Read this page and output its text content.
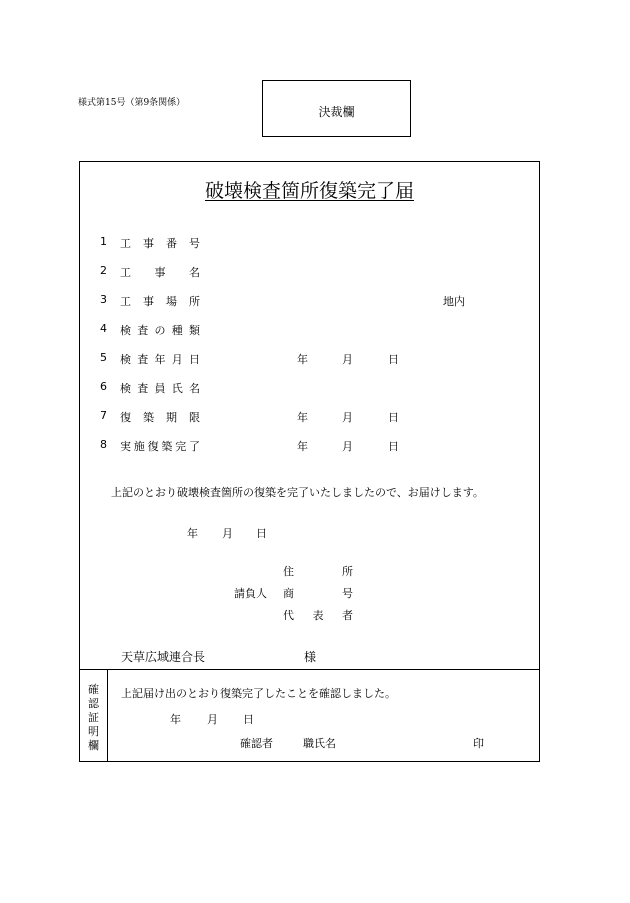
様式第15号（第9条関係）
決裁欄
破壊検査箇所復築完了届
1 工事番号
2 工　事　名
3 工事場所	地内
4 検査の種類
5 検査年月日	年	月	日
6 検査員氏名
7 復築期限	年	月	日
8 実施復築完了	年	月	日
上記のとおり破壊検査箇所の復築を完了いたしましたので、お届けします。
年 月 日
住　　所
請負人 商　　号
代　表　者
天草広域連合長	様
確
認
証
明
欄
上記届け出のとおり復築完了したことを確認しました。
年 月 日
確認者	職氏名	印
